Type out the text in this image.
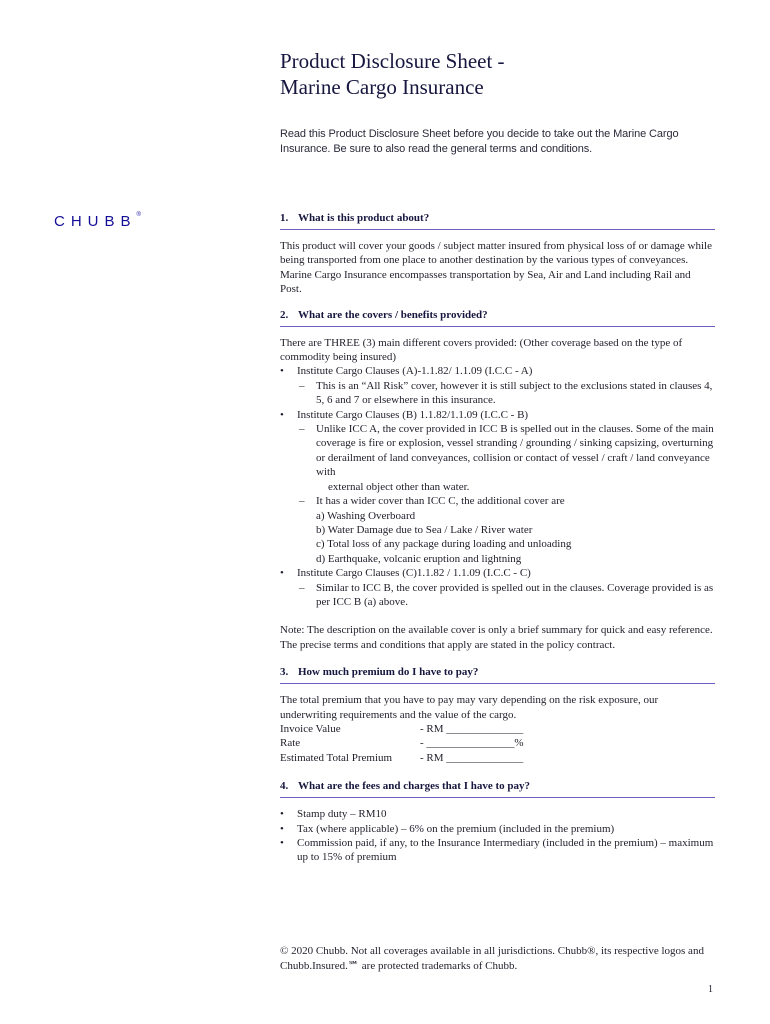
Product Disclosure Sheet -
Marine Cargo Insurance

Read this Product Disclosure Sheet before you decide to take out the Marine Cargo Insurance. Be sure to also read the general terms and conditions.

CHUBB®	1. What is this product about?

This product will cover your goods / subject matter insured from physical loss of or damage while being transported from one place to another destination by the various types of conveyances. Marine Cargo Insurance encompasses transportation by Sea, Air and Land including Rail and Post.

2. What are the covers / benefits provided?

There are THREE (3) main different covers provided: (Other coverage based on the type of commodity being insured)

• Institute Cargo Clauses (A)-1.1.82/ 1.1.09 (I.C.C - A)
– This is an “All Risk” cover, however it is still subject to the exclusions stated in clauses 4, 5, 6 and 7 or elsewhere in this insurance.
• Institute Cargo Clauses (B) 1.1.82/1.1.09 (I.C.C - B)
– Unlike ICC A, the cover provided in ICC B is spelled out in the clauses. Some of the main coverage is fire or explosion, vessel stranding / grounding / sinking capsizing, overturning or derailment of land conveyances, collision or contact of vessel / craft / land conveyance with
external object other than water.
– It has a wider cover than ICC C, the additional cover are
a) Washing Overboard
b) Water Damage due to Sea / Lake / River water
c) Total loss of any package during loading and unloading
d) Earthquake, volcanic eruption and lightning
• Institute Cargo Clauses (C)1.1.82 / 1.1.09 (I.C.C - C)
– Similar to ICC B, the cover provided is spelled out in the clauses. Coverage provided is as per ICC B (a) above.

Note: The description on the available cover is only a brief summary for quick and easy reference. The precise terms and conditions that apply are stated in the policy contract.

3. How much premium do I have to pay?

The total premium that you have to pay may vary depending on the risk exposure, our underwriting requirements and the value of the cargo.

Invoice Value	- RM ______________
Rate	- ________________%
Estimated Total Premium	- RM ______________
4. What are the fees and charges that I have to pay?
• Stamp duty – RM10
• Tax (where applicable) – 6% on the premium (included in the premium)
• Commission paid, if any, to the Insurance Intermediary (included in the premium) – maximum up to 15% of premium

© 2020 Chubb. Not all coverages available in all jurisdictions. Chubb®, its respective logos and Chubb.Insured.℠ are protected trademarks of Chubb.

1
